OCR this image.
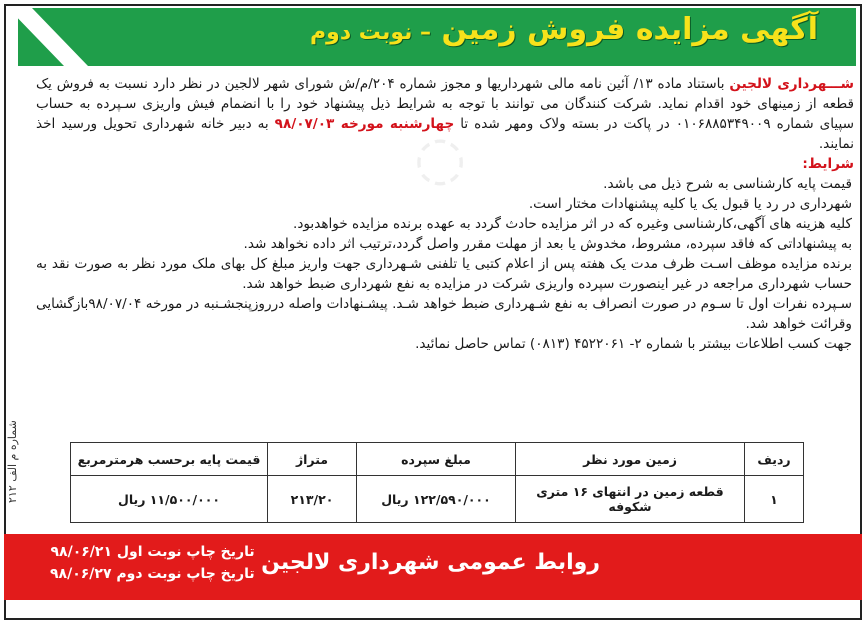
آگهی مزایده فروش زمین – نوبت دوم

شـــهرداری لالجین باستناد ماده ۱۳/ آئین نامه مالی شهرداریها و مجوز شماره ۲۰۴/م/ش شورای شهر لالجین در نظر دارد نسبت به فروش یک قطعه از زمینهای خود اقدام نماید. شرکت کنندگان می توانند با توجه به شرایط ذیل پیشنهاد خود را با انضمام فیش واریزی سـپرده به حساب سپیای شماره ۰۱۰۶۸۸۵۳۴۹۰۰۹ در پاکت در بسته ولاک ومهر شده تا چهارشنبه مورخه ۹۸/۰۷/۰۳ به دبیر خانه شهرداری تحویل ورسید اخذ نمایند.

شرایط:

قیمت پایه کارشناسی به شرح ذیل می باشد.

شهرداری در رد یا قبول یک یا کلیه پیشنهادات مختار است.

کلیه هزینه های آگهی،کارشناسی وغیره که در اثر مزایده حادث گردد به عهده برنده مزایده خواهدبود.

به پیشنهاداتی که فاقد سپرده، مشروط، مخدوش یا بعد از مهلت مقرر واصل گردد،ترتیب اثر داده نخواهد شد.

برنده مزایده موظف اسـت ظرف مدت یک هفته پس از اعلام کتبی یا تلفنی شـهرداری جهت واریز مبلغ کل بهای ملک مورد نظر به صورت نقد به حساب شهرداری مراجعه در غیر اینصورت سپرده واریزی شرکت در مزایده به نفع شهرداری ضبط خواهد شد.

سـپرده نفرات اول تا سـوم در صورت انصراف به نفع شـهرداری ضبط خواهد شـد. پیشـنهادات واصله درروزپنجشـنبه در مورخه ۹۸/۰۷/۰۴بازگشایی وقرائت خواهد شد.

جهت کسب اطلاعات بیشتر با شماره ۲- ۴۵۲۲۰۶۱ (۰۸۱۳) تماس حاصل نمائید.

شماره م الف ۲۱۲	ردیف	زمین مورد نظر	مبلغ سپرده	متراژ	قیمت پایه برحسب هرمترمربع
۱	قطعه زمین در انتهای ۱۶ متری شکوفه	۱۲۲/۵۹۰/۰۰۰ ریال	۲۱۳/۲۰	۱۱/۵۰۰/۰۰۰ ریال
روابط عمومی شهرداری لالجین
تاریخ چاپ نوبت اول ۹۸/۰۶/۲۱
تاریخ چاپ نوبت دوم ۹۸/۰۶/۲۷
